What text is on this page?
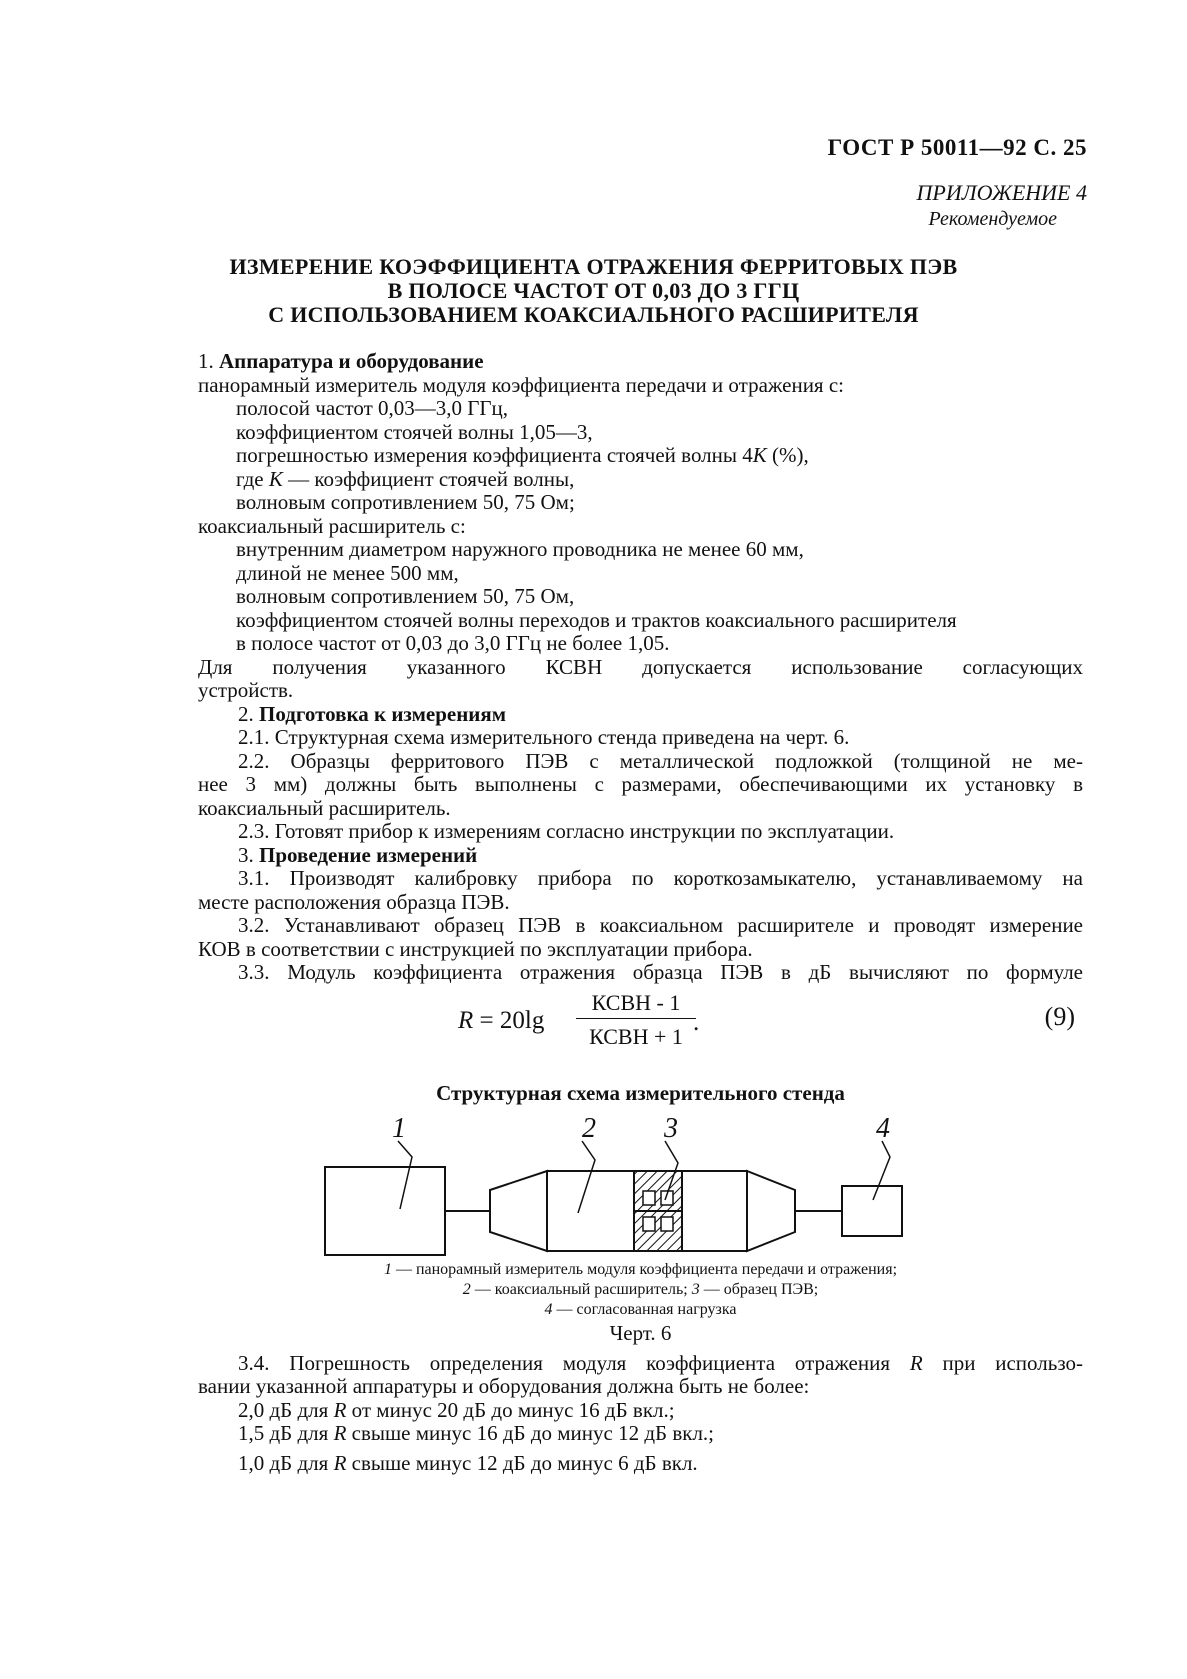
ГОСТ Р 50011—92 С. 25
ПРИЛОЖЕНИЕ 4
Рекомендуемое
ИЗМЕРЕНИЕ КОЭФФИЦИЕНТА ОТРАЖЕНИЯ ФЕРРИТОВЫХ ПЭВ
В ПОЛОСЕ ЧАСТОТ ОТ 0,03 ДО 3 ГГЦ
С ИСПОЛЬЗОВАНИЕМ КОАКСИАЛЬНОГО РАСШИРИТЕЛЯ

1. Аппаратура и оборудование

панорамный измеритель модуля коэффициента передачи и отражения с:

полосой частот 0,03—3,0 ГГц,

коэффициентом стоячей волны 1,05—3,

погрешностью измерения коэффициента стоячей волны 4K (%),

где K — коэффициент стоячей волны,

волновым сопротивлением 50, 75 Ом;

коаксиальный расширитель с:

внутренним диаметром наружного проводника не менее 60 мм,

длиной не менее 500 мм,

волновым сопротивлением 50, 75 Ом,

коэффициентом стоячей волны переходов и трактов коаксиального расширителя

в полосе частот от 0,03 до 3,0 ГГц не более 1,05.

Для получения указанного КСВН допускается использование согласующих

устройств.

2. Подготовка к измерениям

2.1. Структурная схема измерительного стенда приведена на черт. 6.

2.2. Образцы ферритового ПЭВ с металлической подложкой (толщиной не ме-

нее 3 мм) должны быть выполнены с размерами, обеспечивающими их установку в

коаксиальный расширитель.

2.3. Готовят прибор к измерениям согласно инструкции по эксплуатации.

3. Проведение измерений

3.1. Производят калибровку прибора по короткозамыкателю, устанавливаемому на

месте расположения образца ПЭВ.

3.2. Устанавливают образец ПЭВ в коаксиальном расширителе и проводят измерение

КОВ в соответствии с инструкцией по эксплуатации прибора.

3.3. Модуль коэффициента отражения образца ПЭВ в дБ вычисляют по формуле

R = 20lg
КСВН - 1
КСВН + 1
.	(9)
Структурная схема измерительного стенда
1	2 3	4
1 — панорамный измеритель модуля коэффициента передачи и отражения;
2 — коаксиальный расширитель; 3 — образец ПЭВ;
4 — согласованная нагрузка
Черт. 6

3.4. Погрешность определения модуля коэффициента отражения R при использо-

вании указанной аппаратуры и оборудования должна быть не более:

2,0 дБ для R от минус 20 дБ до минус 16 дБ вкл.;

1,5 дБ для R свыше минус 16 дБ до минус 12 дБ вкл.;

1,0 дБ для R свыше минус 12 дБ до минус 6 дБ вкл.
